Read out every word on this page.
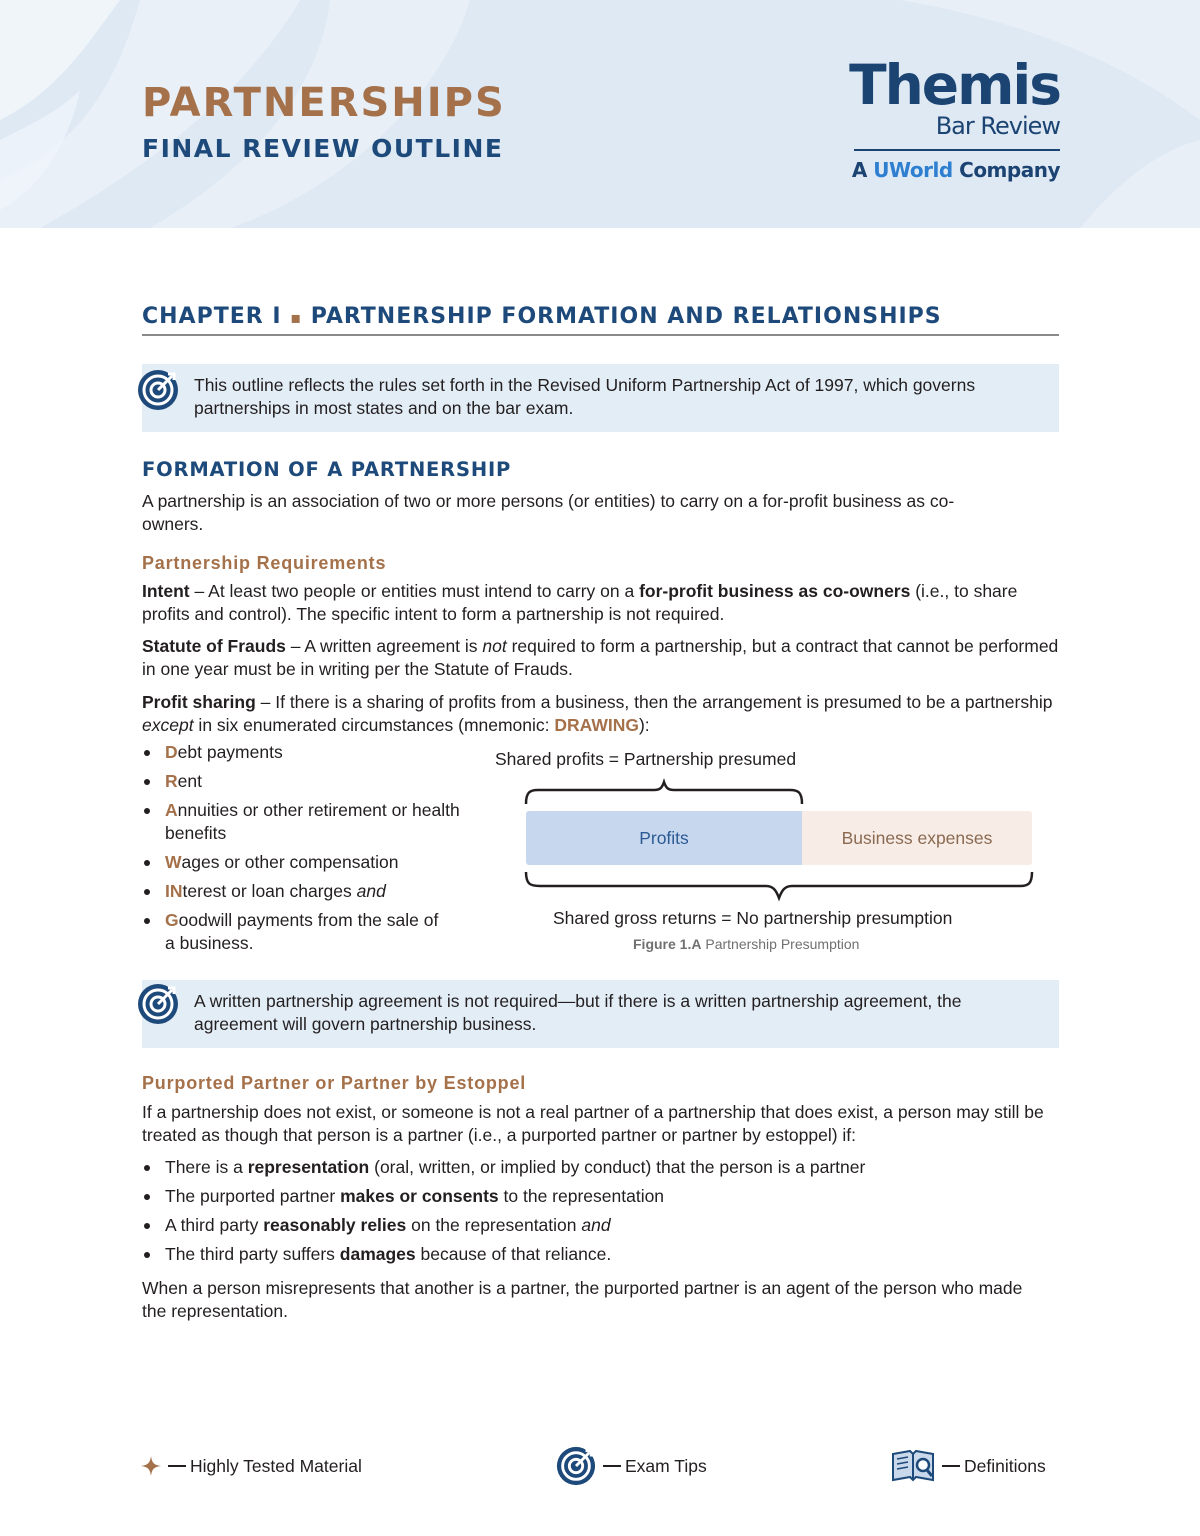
PARTNERSHIPS
FINAL REVIEW OUTLINE
Themis
Bar Review
A UWorld Company
CHAPTER I ▪ PARTNERSHIP FORMATION AND RELATIONSHIPS
This outline reflects the rules set forth in the Revised Uniform Partnership Act of 1997, which governs partnerships in most states and on the bar exam.
FORMATION OF A PARTNERSHIP
A partnership is an association of two or more persons (or entities) to carry on a for-profit business as co-owners.
Partnership Requirements
Intent – At least two people or entities must intend to carry on a for-profit business as co-owners (i.e., to share profits and control). The specific intent to form a partnership is not required.
Statute of Frauds – A written agreement is not required to form a partnership, but a contract that cannot be performed in one year must be in writing per the Statute of Frauds.
Profit sharing – If there is a sharing of profits from a business, then the arrangement is presumed to be a partnership except in six enumerated circumstances (mnemonic: DRAWING):
Debt payments
Rent
Annuities or other retirement or health benefits
Wages or other compensation
INterest or loan charges and
Goodwill payments from the sale of a business.
Shared profits = Partnership presumed
Profits	Business expenses
Shared gross returns = No partnership presumption
Figure 1.A Partnership Presumption
A written partnership agreement is not required—but if there is a written partnership agreement, the agreement will govern partnership business.
Purported Partner or Partner by Estoppel
If a partnership does not exist, or someone is not a real partner of a partnership that does exist, a person may still be treated as though that person is a partner (i.e., a purported partner or partner by estoppel) if:
There is a representation (oral, written, or implied by conduct) that the person is a partner
The purported partner makes or consents to the representation
A third party reasonably relies on the representation and
The third party suffers damages because of that reliance.
When a person misrepresents that another is a partner, the purported partner is an agent of the person who made the representation.
Highly Tested Material	Exam Tips	Definitions
